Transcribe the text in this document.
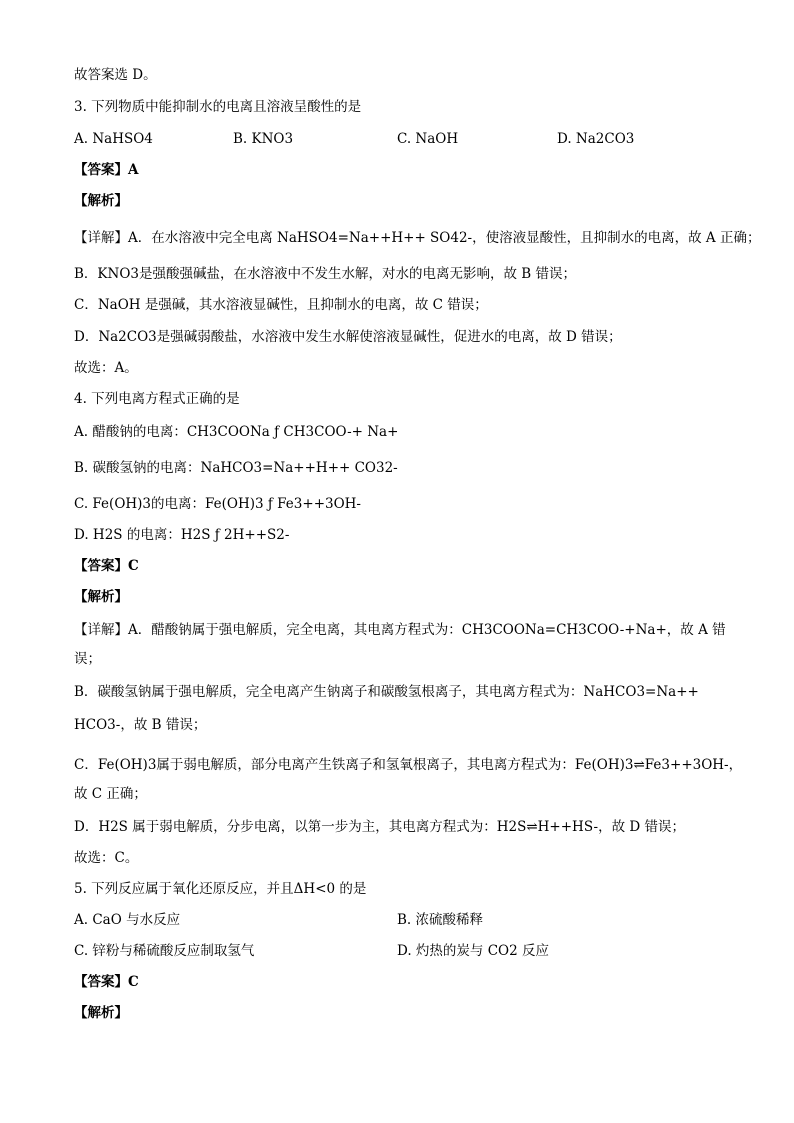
故答案选 D。
3. 下列物质中能抑制水的电离且溶液呈酸性的是
A. NaHSO4	B. KNO3	C. NaOH	D. Na2CO3
【答案】A
【解析】
【详解】A．在水溶液中完全电离 NaHSO4=Na++H++ SO42-，使溶液显酸性，且抑制水的电离，故 A 正确；
B．KNO3是强酸强碱盐，在水溶液中不发生水解，对水的电离无影响，故 B 错误；
C．NaOH 是强碱，其水溶液显碱性，且抑制水的电离，故 C 错误；
D．Na2CO3是强碱弱酸盐，水溶液中发生水解使溶液显碱性，促进水的电离，故 D 错误；
故选：A。
4. 下列电离方程式正确的是
A. 醋酸钠的电离：CH3COONa ƒ CH3COO-+ Na+
B. 碳酸氢钠的电离：NaHCO3=Na++H++ CO32-
C. Fe(OH)3的电离：Fe(OH)3 ƒ Fe3++3OH-
D. H2S 的电离：H2S ƒ 2H++S2-
【答案】C
【解析】
【详解】A．醋酸钠属于强电解质，完全电离，其电离方程式为：CH3COONa=CH3COO-+Na+，故 A 错
误；
B．碳酸氢钠属于强电解质，完全电离产生钠离子和碳酸氢根离子，其电离方程式为：NaHCO3=Na++
HCO3-，故 B 错误；
C．Fe(OH)3属于弱电解质，部分电离产生铁离子和氢氧根离子，其电离方程式为：Fe(OH)3⇌Fe3++3OH-，
故 C 正确；
D．H2S 属于弱电解质，分步电离，以第一步为主，其电离方程式为：H2S⇌H++HS-，故 D 错误；
故选：C。
5. 下列反应属于氧化还原反应，并且ΔH<0 的是
A. CaO 与水反应	B. 浓硫酸稀释
C. 锌粉与稀硫酸反应制取氢气	D. 灼热的炭与 CO2 反应
【答案】C
【解析】
